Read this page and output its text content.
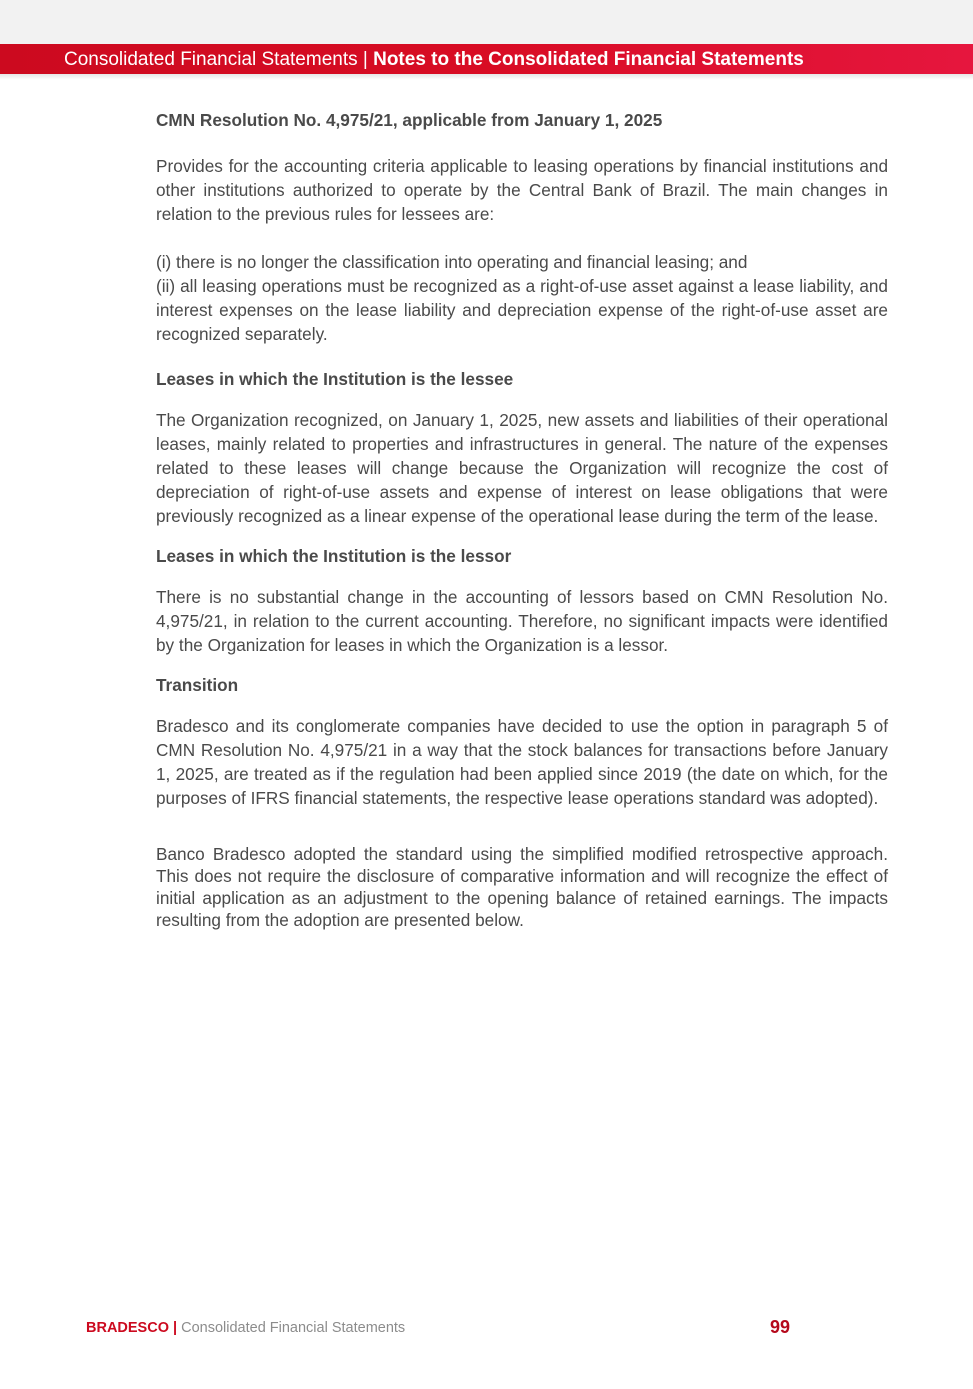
Consolidated Financial Statements | Notes to the Consolidated Financial Statements
CMN Resolution No. 4,975/21, applicable from January 1, 2025

Provides for the accounting criteria applicable to leasing operations by financial institutions and other institutions authorized to operate by the Central Bank of Brazil. The main changes in relation to the previous rules for lessees are:

(i) there is no longer the classification into operating and financial leasing; and

(ii) all leasing operations must be recognized as a right-of-use asset against a lease liability, and interest expenses on the lease liability and depreciation expense of the right-of-use asset are recognized separately.

Leases in which the Institution is the lessee

The Organization recognized, on January 1, 2025, new assets and liabilities of their operational leases, mainly related to properties and infrastructures in general. The nature of the expenses related to these leases will change because the Organization will recognize the cost of depreciation of right-of-use assets and expense of interest on lease obligations that were previously recognized as a linear expense of the operational lease during the term of the lease.

Leases in which the Institution is the lessor

There is no substantial change in the accounting of lessors based on CMN Resolution No. 4,975/21, in relation to the current accounting. Therefore, no significant impacts were identified by the Organization for leases in which the Organization is a lessor.

Transition

Bradesco and its conglomerate companies have decided to use the option in paragraph 5 of CMN Resolution No. 4,975/21 in a way that the stock balances for transactions before January 1, 2025, are treated as if the regulation had been applied since 2019 (the date on which, for the purposes of IFRS financial statements, the respective lease operations standard was adopted).

Banco Bradesco adopted the standard using the simplified modified retrospective approach. This does not require the disclosure of comparative information and will recognize the effect of initial application as an adjustment to the opening balance of retained earnings. The impacts resulting from the adoption are presented below.

BRADESCO | Consolidated Financial Statements	99
